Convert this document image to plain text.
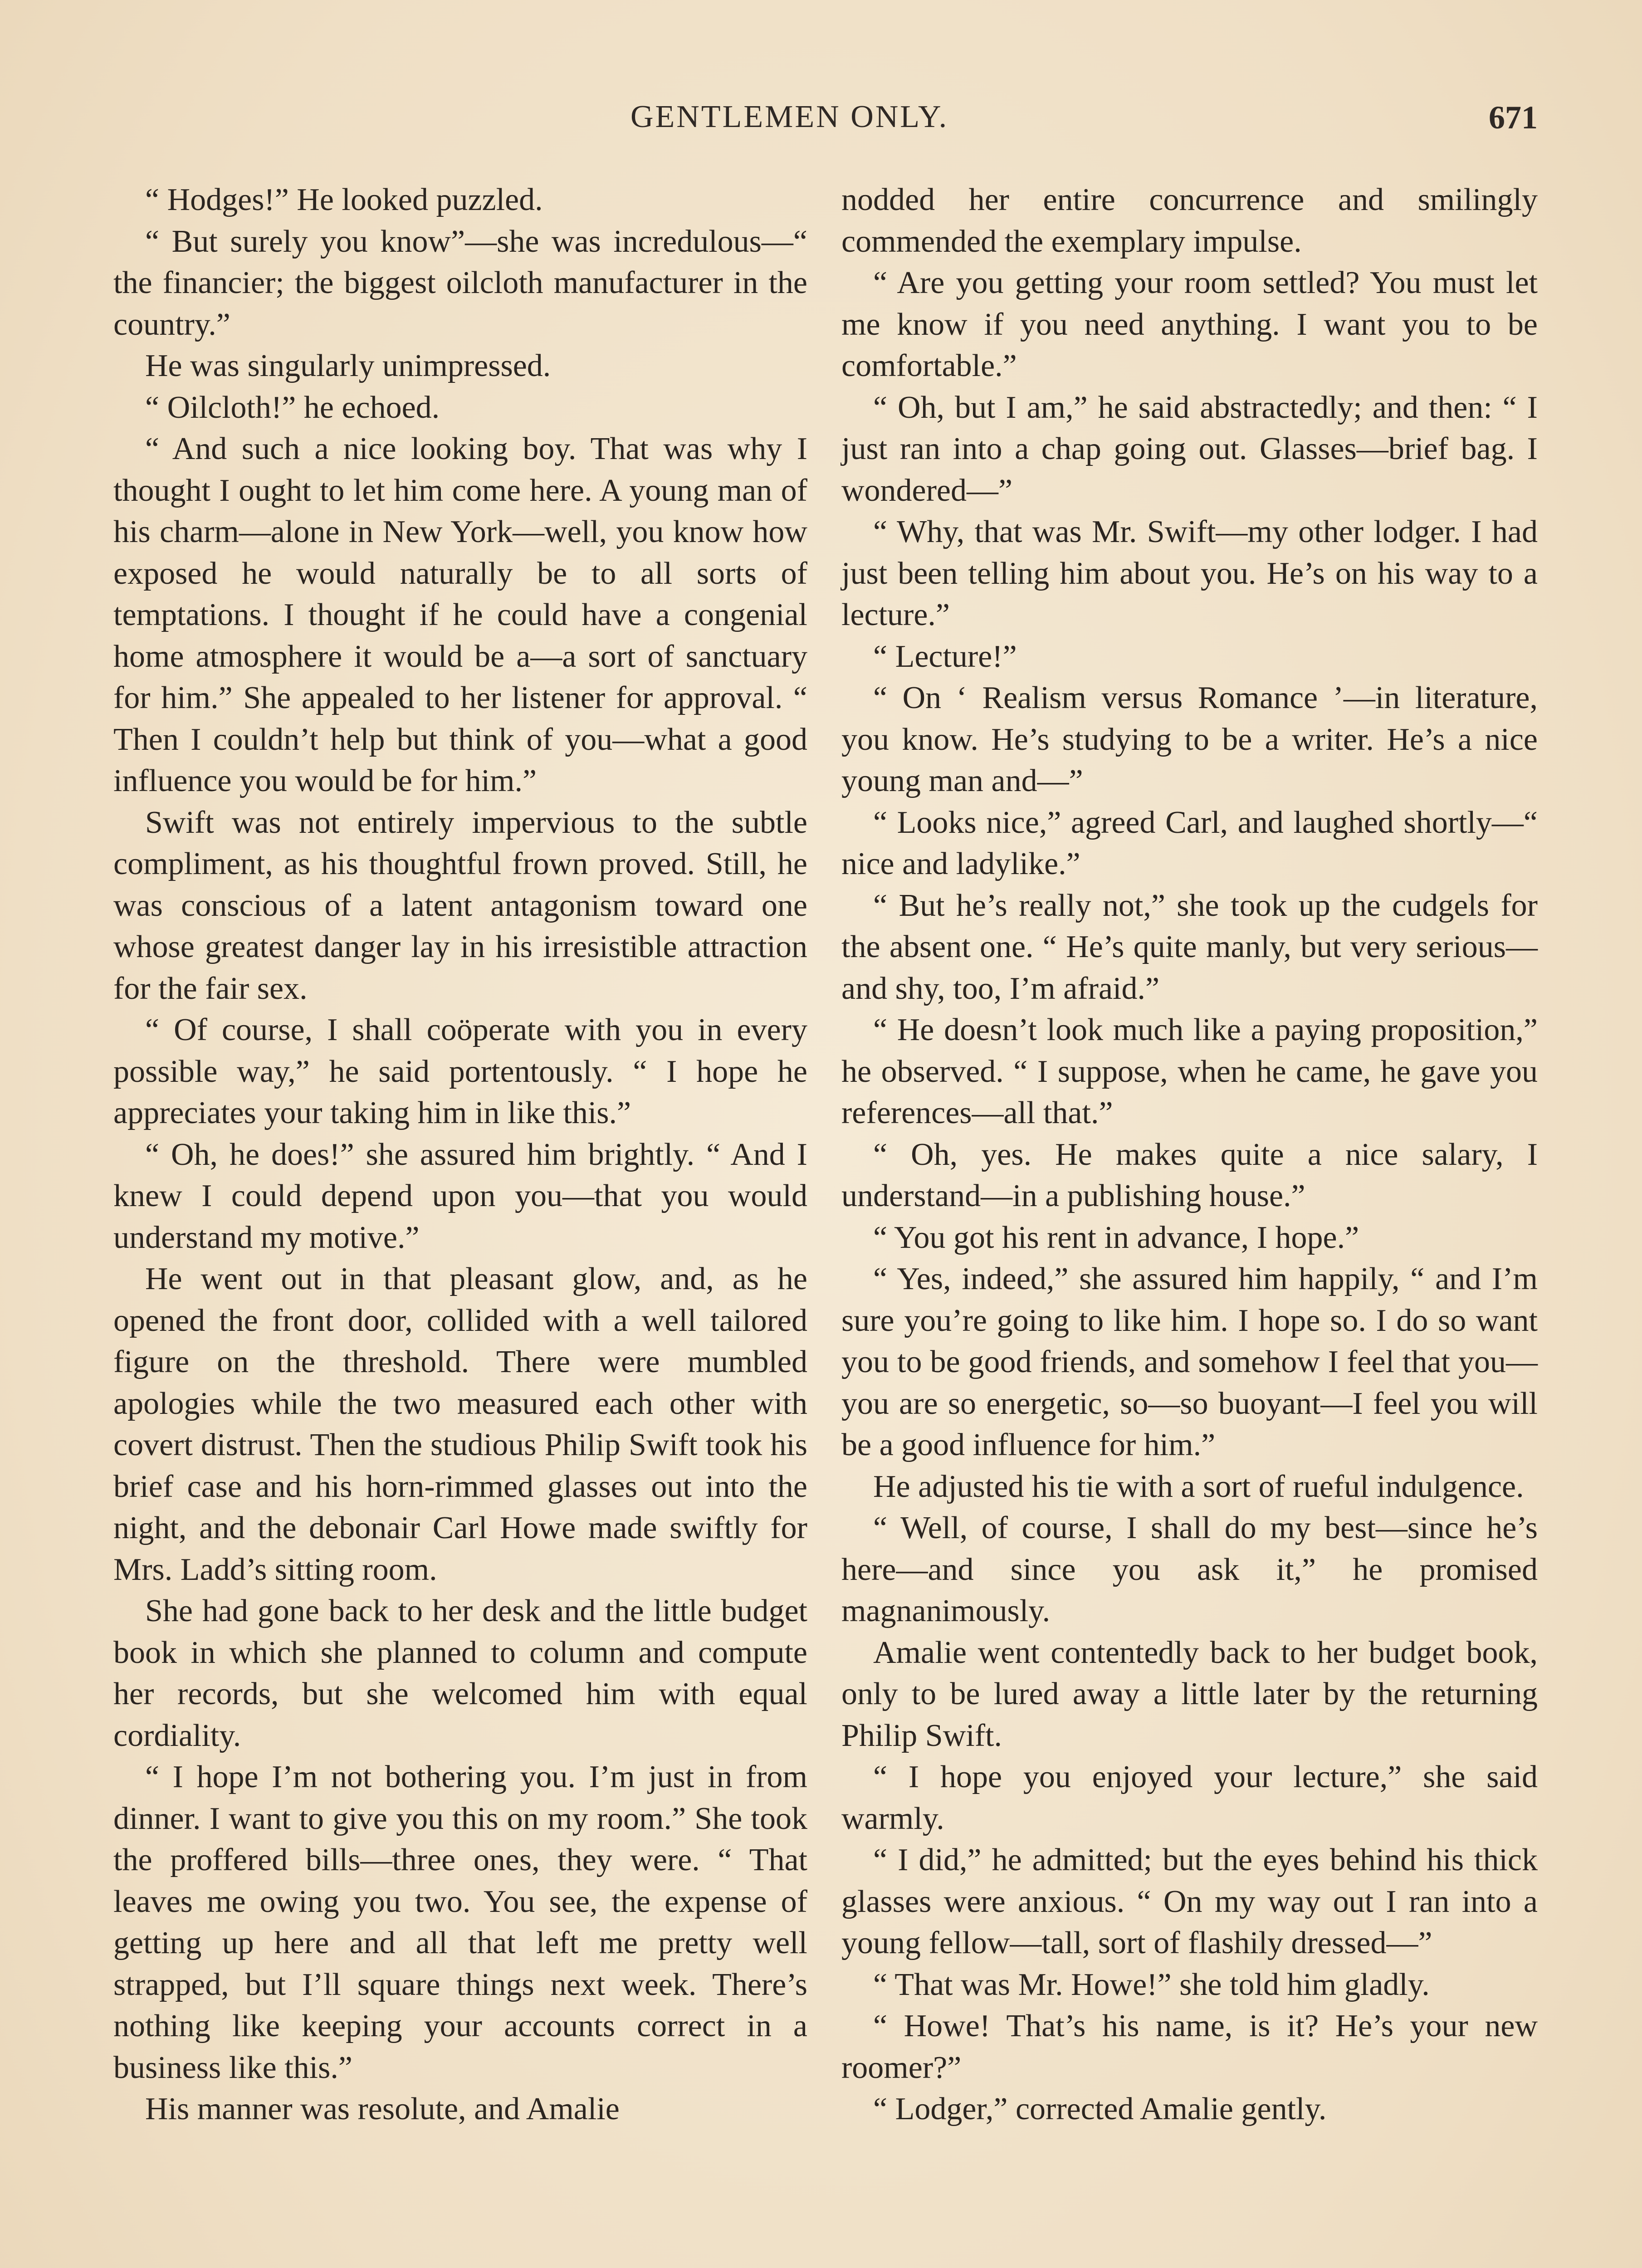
GENTLEMEN ONLY.	671

“ Hodges!” He looked puzzled.

“ But surely you know”—she was incredulous—“ the financier; the biggest oilcloth manufacturer in the country.”

He was singularly unimpressed.

“ Oilcloth!” he echoed.

“ And such a nice looking boy. That was why I thought I ought to let him come here. A young man of his charm—alone in New York—well, you know how exposed he would naturally be to all sorts of temptations. I thought if he could have a congenial home atmosphere it would be a—a sort of sanctuary for him.” She appealed to her listener for approval. “ Then I couldn’t help but think of you—what a good influence you would be for him.”

Swift was not entirely impervious to the subtle compliment, as his thoughtful frown proved. Still, he was conscious of a latent antagonism toward one whose greatest danger lay in his irresistible attraction for the fair sex.

“ Of course, I shall coöperate with you in every possible way,” he said portentously. “ I hope he appreciates your taking him in like this.”

“ Oh, he does!” she assured him brightly. “ And I knew I could depend upon you—that you would understand my motive.”

He went out in that pleasant glow, and, as he opened the front door, collided with a well tailored figure on the threshold. There were mumbled apologies while the two measured each other with covert distrust. Then the studious Philip Swift took his brief case and his horn-rimmed glasses out into the night, and the debonair Carl Howe made swiftly for Mrs. Ladd’s sitting room.

She had gone back to her desk and the little budget book in which she planned to column and compute her records, but she welcomed him with equal cordiality.

“ I hope I’m not bothering you. I’m just in from dinner. I want to give you this on my room.” She took the proffered bills—three ones, they were. “ That leaves me owing you two. You see, the expense of getting up here and all that left me pretty well strapped, but I’ll square things next week. There’s nothing like keeping your accounts correct in a business like this.”

His manner was resolute, and Amalie

nodded her entire concurrence and smilingly commended the exemplary impulse.

“ Are you getting your room settled? You must let me know if you need anything. I want you to be comfortable.”

“ Oh, but I am,” he said abstractedly; and then: “ I just ran into a chap going out. Glasses—brief bag. I wondered—”

“ Why, that was Mr. Swift—my other lodger. I had just been telling him about you. He’s on his way to a lecture.”

“ Lecture!”

“ On ‘ Realism versus Romance ’—in literature, you know. He’s studying to be a writer. He’s a nice young man and—”

“ Looks nice,” agreed Carl, and laughed shortly—“ nice and ladylike.”

“ But he’s really not,” she took up the cudgels for the absent one. “ He’s quite manly, but very serious—and shy, too, I’m afraid.”

“ He doesn’t look much like a paying proposition,” he observed. “ I suppose, when he came, he gave you references—all that.”

“ Oh, yes. He makes quite a nice salary, I understand—in a publishing house.”

“ You got his rent in advance, I hope.”

“ Yes, indeed,” she assured him happily, “ and I’m sure you’re going to like him. I hope so. I do so want you to be good friends, and somehow I feel that you—you are so energetic, so—so buoyant—I feel you will be a good influence for him.”

He adjusted his tie with a sort of rueful indulgence.

“ Well, of course, I shall do my best—since he’s here—and since you ask it,” he promised magnanimously.

Amalie went contentedly back to her budget book, only to be lured away a little later by the returning Philip Swift.

“ I hope you enjoyed your lecture,” she said warmly.

“ I did,” he admitted; but the eyes behind his thick glasses were anxious. “ On my way out I ran into a young fellow—tall, sort of flashily dressed—”

“ That was Mr. Howe!” she told him gladly.

“ Howe! That’s his name, is it? He’s your new roomer?”

“ Lodger,” corrected Amalie gently.
